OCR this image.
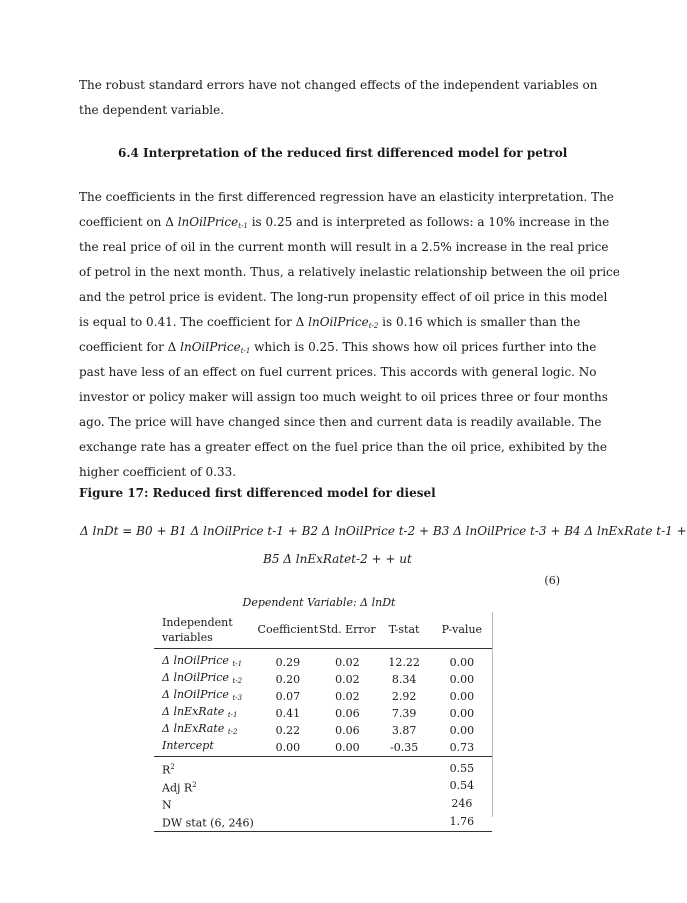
The robust standard errors have not changed effects of the independent variables on
the dependent variable.
6.4 Interpretation of the reduced first differenced model for petrol
The coefficients in the first differenced regression have an elasticity interpretation. The
coefficient on Δ lnOilPrice$_{t-1}$ is 0.25 and is interpreted as follows: a 10% increase in the
the real price of oil in the current month will result in a 2.5% increase in the real price
of petrol in the next month. Thus, a relatively inelastic relationship between the oil price
and the petrol price is evident. The long-run propensity effect of oil price in this model
is equal to 0.41. The coefficient for Δ lnOilPrice$_{t-2}$ is 0.16 which is smaller than the
coefficient for Δ lnOilPrice$_{t-1}$ which is 0.25. This shows how oil prices further into the
past have less of an effect on fuel current prices. This accords with general logic. No
investor or policy maker will assign too much weight to oil prices three or four months
ago. The price will have changed since then and current data is readily available. The
exchange rate has a greater effect on the fuel price than the oil price, exhibited by the
higher coefficient of 0.33.
Figure 17: Reduced first differenced model for diesel
Δ lnDt = B0 + B1 Δ lnOilPrice t-1 + B2 Δ lnOilPrice t-2 + B3 Δ lnOilPrice t-3 + B4 Δ lnExRate t-1 +
B5 Δ lnExRatet-2 + + ut
(6)
Dependent Variable: Δ lnDt
Independent variables	Coefficient	Std. Error	T-stat	P-value
Δ lnOilPrice $_{t-1}$	0.29	0.02	12.22	0.00
Δ lnOilPrice $_{t-2}$	0.20	0.02	8.34	0.00
Δ lnOilPrice $_{t-3}$	0.07	0.02	2.92	0.00
Δ lnExRate $_{t-1}$	0.41	0.06	7.39	0.00
Δ lnExRate $_{t-2}$	0.22	0.06	3.87	0.00
Intercept	0.00	0.00	-0.35	0.73
$R^2$				0.55
Adj $R^2$				0.54
N				246
DW stat (6, 246)				1.76
